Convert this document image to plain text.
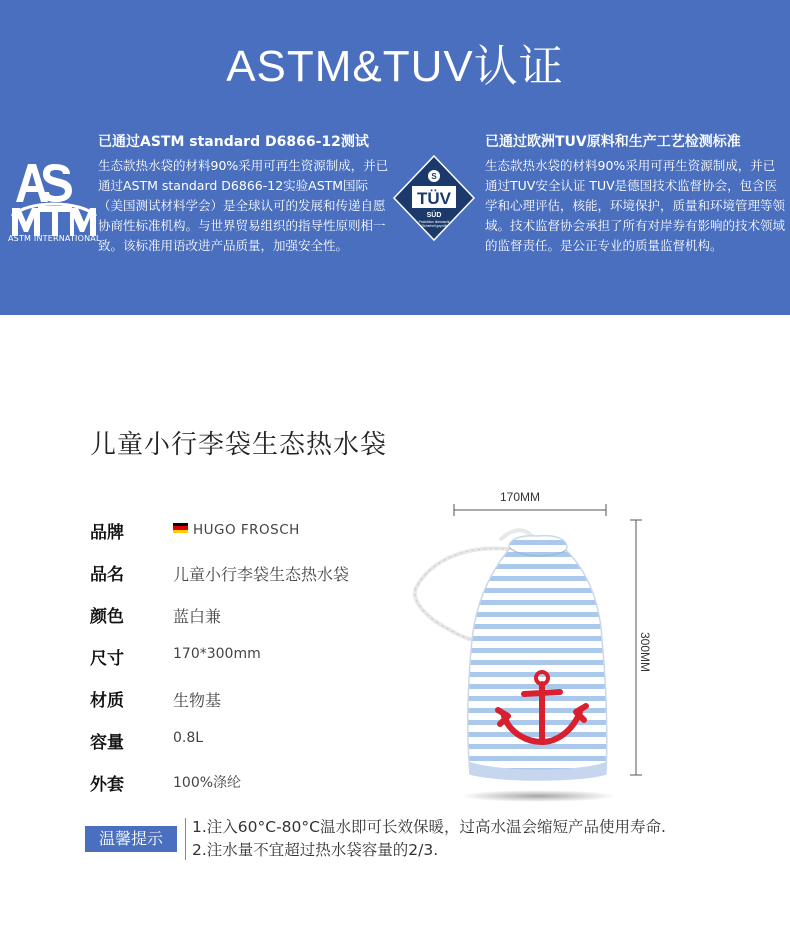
ASTM&TUV认证
ASTM INTERNATIONAL
已通过ASTM standard D6866-12测试

生态款热水袋的材料90%采用可再生资源制成，并已通过ASTM standard D6866-12实验ASTM国际（美国测试材料学会）是全球认可的发展和传递自愿协商性标准机构。与世界贸易组织的指导性原则相一致。该标准用语改进产品质量，加强安全性。

S
TÜV
SÜD
Produktion überwacht
Sicherheit geprüft
已通过欧洲TUV原料和生产工艺检测标准

生态款热水袋的材料90%采用可再生资源制成，并已通过TUV安全认证 TUV是德国技术监督协会，包含医学和心理评估，核能，环境保护，质量和环境管理等领域。技术监督协会承担了所有对岸券有影响的技术领域的监督责任。是公正专业的质量监督机构。

儿童小行李袋生态热水袋
品牌	HUGO FROSCH
品名	儿童小行李袋生态热水袋
颜色	蓝白兼
尺寸	170*300mm
材质	生物基
容量	0.8L
外套	100%涤纶
170MM
300MM
温馨提示
1.注入60°C-80°C温水即可长效保暖，过高水温会缩短产品使用寿命.
2.注水量不宜超过热水袋容量的2/3.
